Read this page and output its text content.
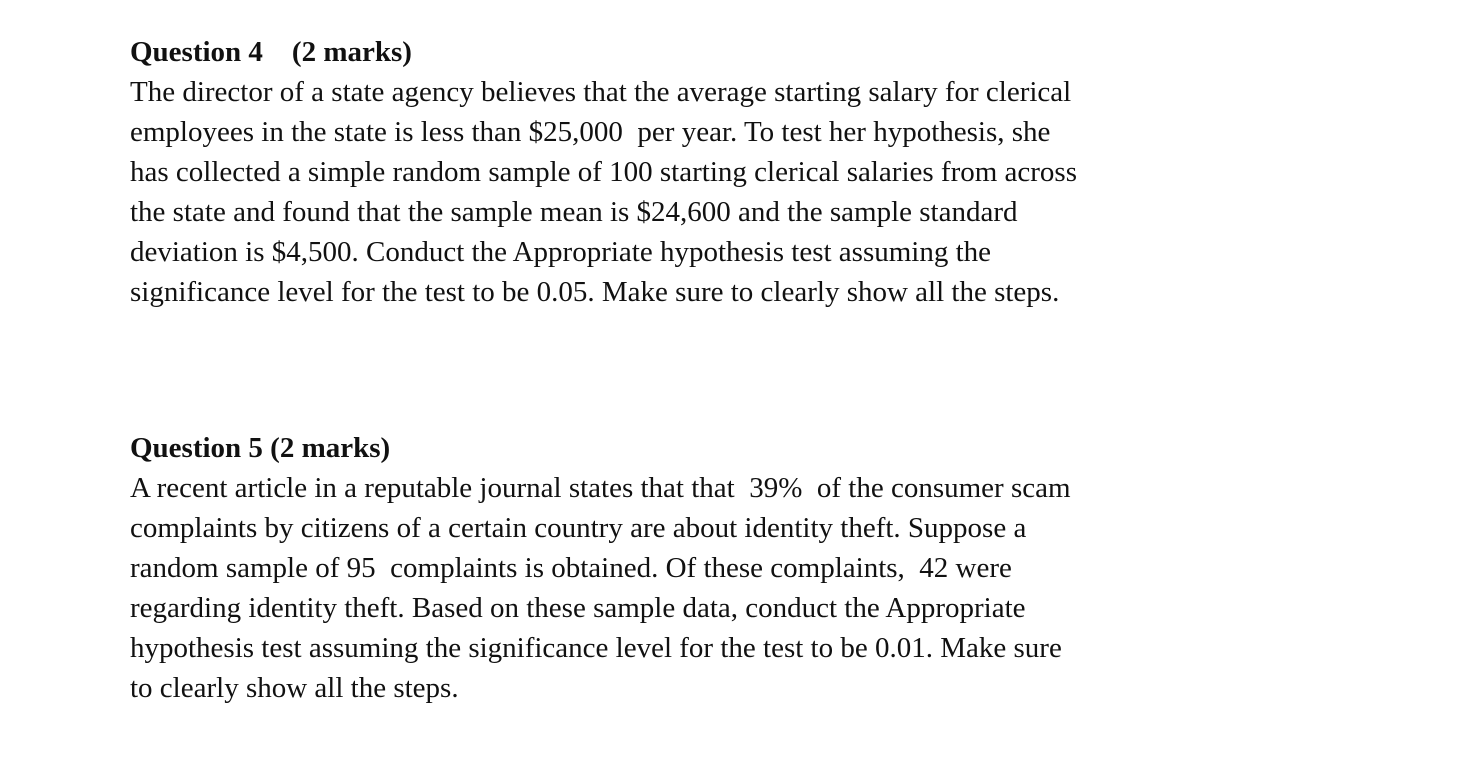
Question 4    (2 marks)
The director of a state agency believes that the average starting salary for clerical
employees in the state is less than $25,000  per year. To test her hypothesis, she
has collected a simple random sample of 100 starting clerical salaries from across
the state and found that the sample mean is $24,600 and the sample standard
deviation is $4,500. Conduct the Appropriate hypothesis test assuming the
significance level for the test to be 0.05. Make sure to clearly show all the steps.
Question 5 (2 marks)
A recent article in a reputable journal states that that  39%  of the consumer scam
complaints by citizens of a certain country are about identity theft. Suppose a
random sample of 95  complaints is obtained. Of these complaints,  42 were
regarding identity theft. Based on these sample data, conduct the Appropriate
hypothesis test assuming the significance level for the test to be 0.01. Make sure
to clearly show all the steps.
